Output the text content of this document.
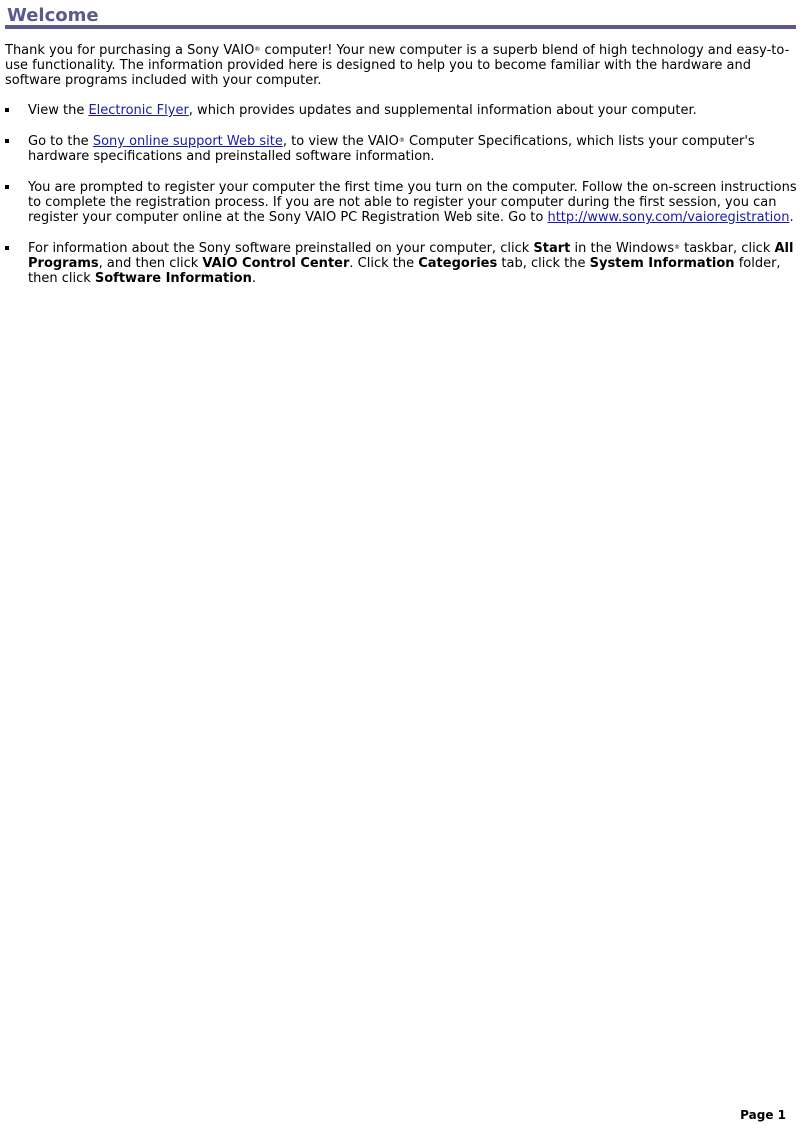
Welcome

Thank you for purchasing a Sony VAIO® computer! Your new computer is a superb blend of high technology and easy-to-use functionality. The information provided here is designed to help you to become familiar with the hardware and software programs included with your computer.

View the Electronic Flyer, which provides updates and supplemental information about your computer.
Go to the Sony online support Web site, to view the VAIO® Computer Specifications, which lists your computer's hardware specifications and preinstalled software information.
You are prompted to register your computer the first time you turn on the computer. Follow the on-screen instructions to complete the registration process. If you are not able to register your computer during the first session, you can register your computer online at the Sony VAIO PC Registration Web site. Go to http://www.sony.com/vaioregistration.
For information about the Sony software preinstalled on your computer, click Start in the Windows® taskbar, click All Programs, and then click VAIO Control Center. Click the Categories tab, click the System Information folder, then click Software Information.
Page 1
